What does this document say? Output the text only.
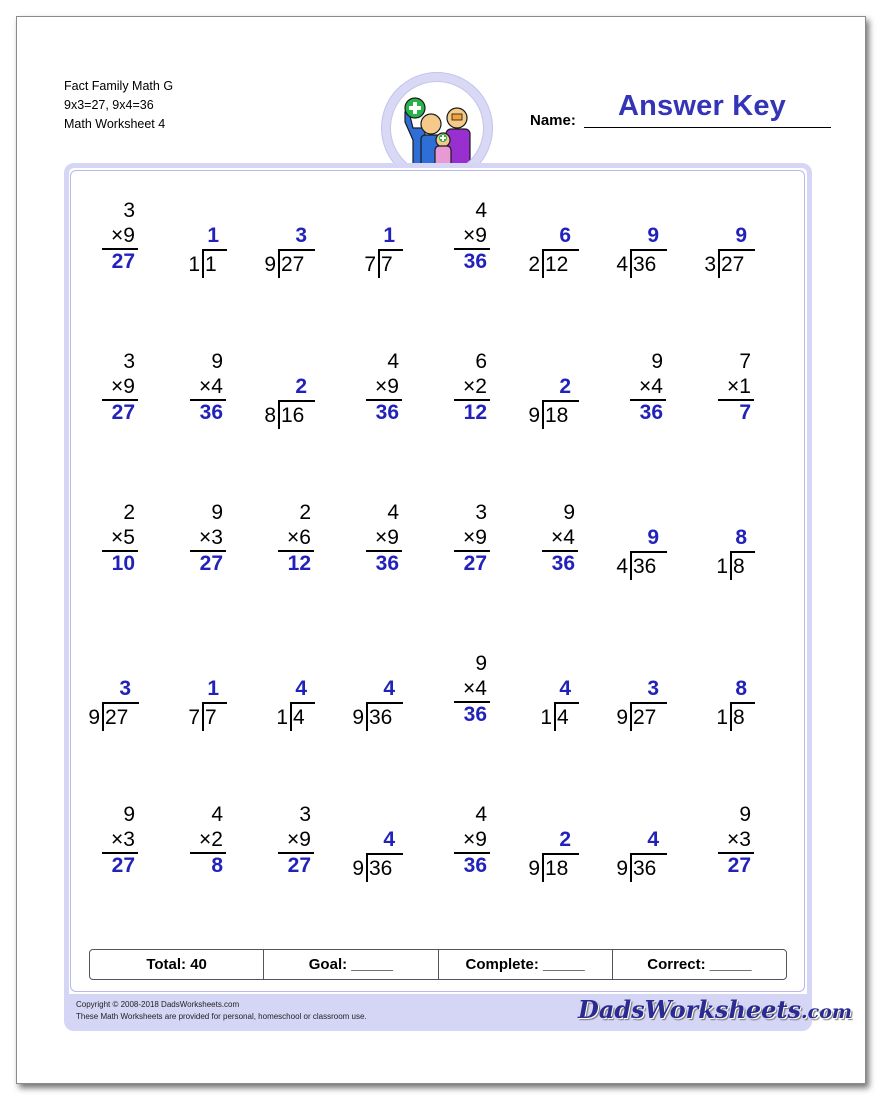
Fact Family Math G
9x3=27, 9x4=36
Math Worksheet 4
Answer Key
Name:
3
×9
27
1
1 1
3
9 27
1
7 7
4
×9
36
6
2 12
9
4 36
9
3 27
3
×9
27
9
×4
36
2
8 16
4
×9
36
6
×2
12
2
9 18
9
×4
36
7
×1
7
2
×5
10
9
×3
27
2
×6
12
4
×9
36
3
×9
27
9
×4
36
9
4 36
8
1 8
3
9 27
1
7 7
4
1 4
4
9 36
9
×4
36
4
1 4
3
9 27
8
1 8
9
×3
27
4
×2
8
3
×9
27
4
9 36
4
×9
36
2
9 18
4
9 36
9
×3
27
Total: 40	Goal: _____	Complete: _____	Correct: _____
Copyright © 2008-2018 DadsWorksheets.com
These Math Worksheets are provided for personal, homeschool or classroom use.	DadsWorksheets.com
